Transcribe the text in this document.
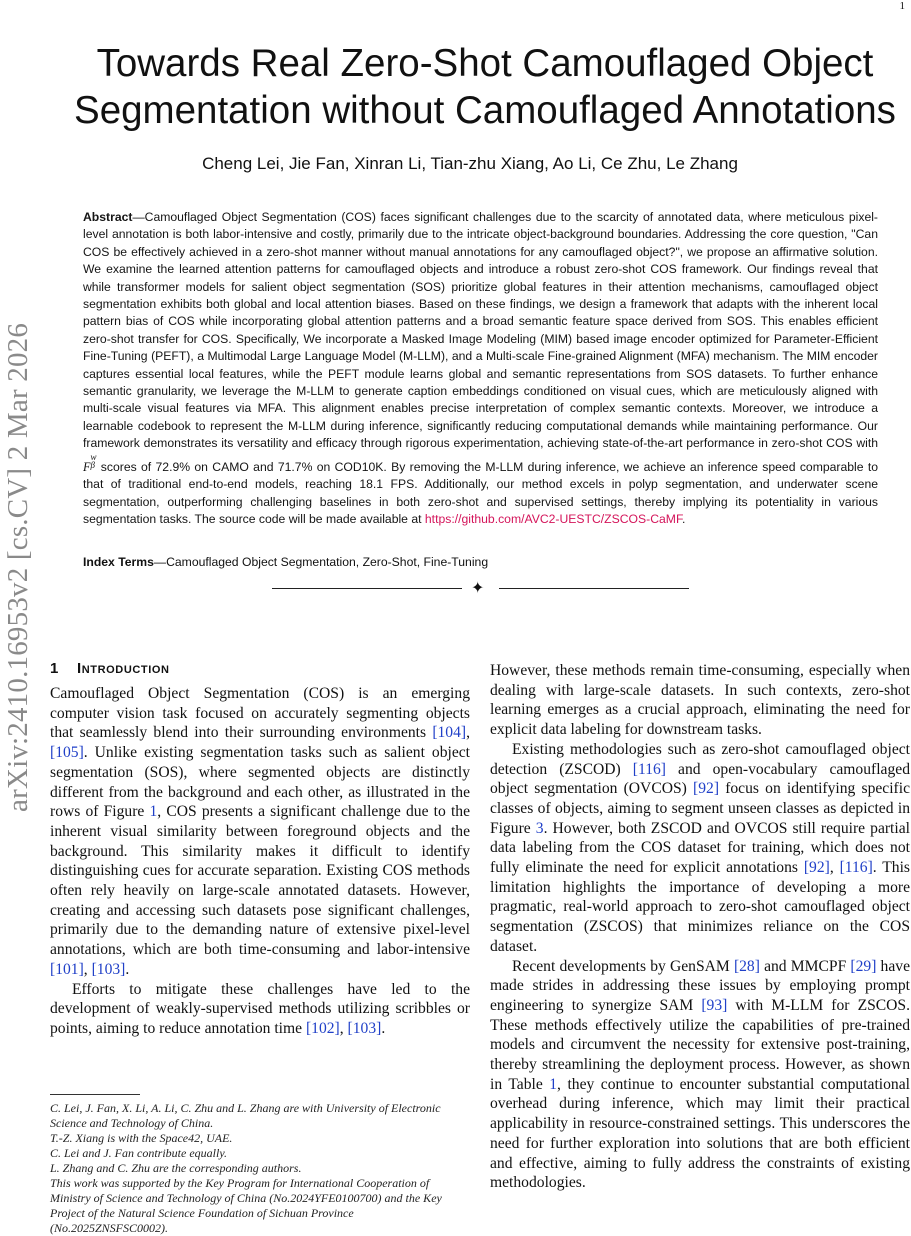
1
arXiv:2410.16953v2 [cs.CV] 2 Mar 2026
Towards Real Zero-Shot Camouflaged Object
Segmentation without Camouflaged Annotations
Cheng Lei, Jie Fan, Xinran Li, Tian-zhu Xiang, Ao Li, Ce Zhu, Le Zhang
Abstract—Camouflaged Object Segmentation (COS) faces significant challenges due to the scarcity of annotated data, where meticulous pixel-level annotation is both labor-intensive and costly, primarily due to the intricate object-background boundaries. Addressing the core question, "Can COS be effectively achieved in a zero-shot manner without manual annotations for any camouflaged object?", we propose an affirmative solution. We examine the learned attention patterns for camouflaged objects and introduce a robust zero-shot COS framework. Our findings reveal that while transformer models for salient object segmentation (SOS) prioritize global features in their attention mechanisms, camouflaged object segmentation exhibits both global and local attention biases. Based on these findings, we design a framework that adapts with the inherent local pattern bias of COS while incorporating global attention patterns and a broad semantic feature space derived from SOS. This enables efficient zero-shot transfer for COS. Specifically, We incorporate a Masked Image Modeling (MIM) based image encoder optimized for Parameter-Efficient Fine-Tuning (PEFT), a Multimodal Large Language Model (M-LLM), and a Multi-scale Fine-grained Alignment (MFA) mechanism. The MIM encoder captures essential local features, while the PEFT module learns global and semantic representations from SOS datasets. To further enhance semantic granularity, we leverage the M-LLM to generate caption embeddings conditioned on visual cues, which are meticulously aligned with multi-scale visual features via MFA. This alignment enables precise interpretation of complex semantic contexts. Moreover, we introduce a learnable codebook to represent the M-LLM during inference, significantly reducing computational demands while maintaining performance. Our framework demonstrates its versatility and efficacy through rigorous experimentation, achieving state-of-the-art performance in zero-shot COS with F
w
β scores of 72.9% on CAMO and 71.7% on COD10K. By removing the M-LLM during inference, we achieve an inference speed comparable to that of traditional end-to-end models, reaching 18.1 FPS. Additionally, our method excels in polyp segmentation, and underwater scene segmentation, outperforming challenging baselines in both zero-shot and supervised settings, thereby implying its potentiality in various segmentation tasks. The source code will be made available at https://github.com/AVC2-UESTC/ZSCOS-CaMF.
Index Terms—Camouflaged Object Segmentation, Zero-Shot, Fine-Tuning
✦
1 Introduction

Camouflaged Object Segmentation (COS) is an emerging computer vision task focused on accurately segmenting objects that seamlessly blend into their surrounding environments [104], [105]. Unlike existing segmentation tasks such as salient object segmentation (SOS), where segmented objects are distinctly different from the background and each other, as illustrated in the rows of Figure 1, COS presents a significant challenge due to the inherent visual similarity between foreground objects and the background. This similarity makes it difficult to identify distinguishing cues for accurate separation. Existing COS methods often rely heavily on large-scale annotated datasets. However, creating and accessing such datasets pose significant challenges, primarily due to the demanding nature of extensive pixel-level annotations, which are both time-consuming and labor-intensive [101], [103].

Efforts to mitigate these challenges have led to the development of weakly-supervised methods utilizing scribbles or points, aiming to reduce annotation time [102], [103].

C. Lei, J. Fan, X. Li, A. Li, C. Zhu and L. Zhang are with University of Electronic Science and Technology of China.
T.-Z. Xiang is with the Space42, UAE.
C. Lei and J. Fan contribute equally.
L. Zhang and C. Zhu are the corresponding authors.
This work was supported by the Key Program for International Cooperation of Ministry of Science and Technology of China (No.2024YFE0100700) and the Key Project of the Natural Science Foundation of Sichuan Province (No.2025ZNSFSC0002).

However, these methods remain time-consuming, especially when dealing with large-scale datasets. In such contexts, zero-shot learning emerges as a crucial approach, eliminating the need for explicit data labeling for downstream tasks.

Existing methodologies such as zero-shot camouflaged object detection (ZSCOD) [116] and open-vocabulary camouflaged object segmentation (OVCOS) [92] focus on identifying specific classes of objects, aiming to segment unseen classes as depicted in Figure 3. However, both ZSCOD and OVCOS still require partial data labeling from the COS dataset for training, which does not fully eliminate the need for explicit annotations [92], [116]. This limitation highlights the importance of developing a more pragmatic, real-world approach to zero-shot camouflaged object segmentation (ZSCOS) that minimizes reliance on the COS dataset.

Recent developments by GenSAM [28] and MMCPF [29] have made strides in addressing these issues by employing prompt engineering to synergize SAM [93] with M-LLM for ZSCOS. These methods effectively utilize the capabilities of pre-trained models and circumvent the necessity for extensive post-training, thereby streamlining the deployment process. However, as shown in Table 1, they continue to encounter substantial computational overhead during inference, which may limit their practical applicability in resource-constrained settings. This underscores the need for further exploration into solutions that are both efficient and effective, aiming to fully address the constraints of existing methodologies.
